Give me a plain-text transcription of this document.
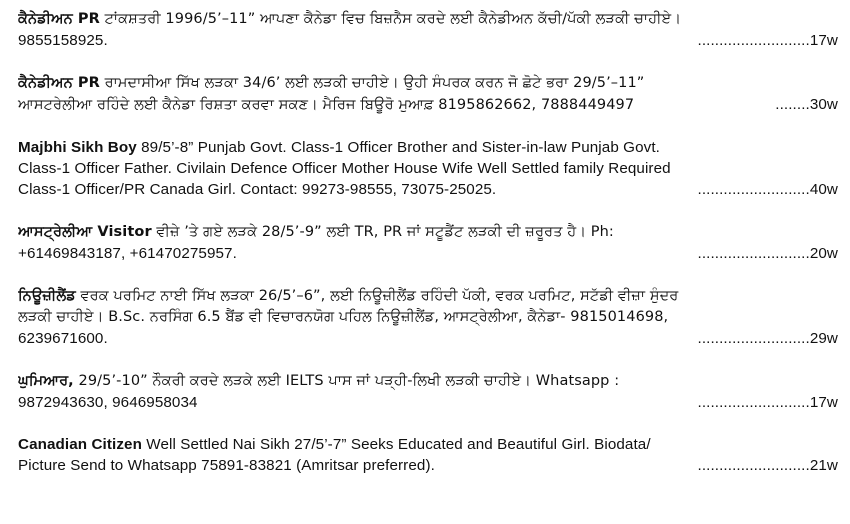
ਕੈਨੇਡੀਅਨ PR ਟਾਂਕਸ਼ਤਰੀ 1996/5’–11” ਆਪਣਾ ਕੈਨੇਡਾ ਵਿਚ ਬਿਜ਼ਨੈਸ ਕਰਦੇ ਲਈ ਕੈਨੇਡੀਅਨ ਕੱਚੀ/ਪੱਕੀ ਲੜਕੀ ਚਾਹੀਏ।
9855158925.	..........................17w
ਕੈਨੇਡੀਅਨ PR ਰਾਮਦਾਸੀਆ ਸਿੱਖ ਲੜਕਾ 34/6’ ਲਈ ਲੜਕੀ ਚਾਹੀਏ। ਉਹੀ ਸੰਪਰਕ ਕਰਨ ਜੋ ਛੋਟੇ ਭਰਾ 29/5’–11”
ਆਸਟਰੇਲੀਆ ਰਹਿੰਦੇ ਲਈ ਕੈਨੇਡਾ ਰਿਸ਼ਤਾ ਕਰਵਾ ਸਕਣ। ਮੈਰਿਜ ਬਿਊਰੋ ਮੁਆਫ਼ 8195862662, 7888449497	........30w
Majbhi Sikh Boy 89/5’-8” Punjab Govt. Class-1 Officer Brother and Sister-in-law Punjab Govt.
Class-1 Officer Father. Civilain Defence Officer Mother House Wife Well Settled family Required
Class-1 Officer/PR Canada Girl. Contact: 99273-98555, 73075-25025.	..........................40w
ਆਸਟ੍ਰੇਲੀਆ Visitor ਵੀਜ਼ੇ ’ਤੇ ਗਏ ਲੜਕੇ 28/5’-9” ਲਈ TR, PR ਜਾਂ ਸਟੂਡੈਂਟ ਲੜਕੀ ਦੀ ਜ਼ਰੂਰਤ ਹੈ। Ph:
+61469843187, +61470275957.	..........................20w
ਨਿਊਜ਼ੀਲੈਂਡ ਵਰਕ ਪਰਮਿਟ ਨਾਈ ਸਿੱਖ ਲੜਕਾ 26/5’–6”, ਲਈ ਨਿਊਜ਼ੀਲੈਂਡ ਰਹਿੰਦੀ ਪੱਕੀ, ਵਰਕ ਪਰਮਿਟ, ਸਟੱਡੀ ਵੀਜ਼ਾ ਸੁੰਦਰ
ਲੜਕੀ ਚਾਹੀਏ। B.Sc. ਨਰਸਿੰਗ 6.5 ਬੈਂਡ ਵੀ ਵਿਚਾਰਨਯੋਗ ਪਹਿਲ ਨਿਊਜ਼ੀਲੈਂਡ, ਆਸਟ੍ਰੇਲੀਆ, ਕੈਨੇਡਾ- 9815014698,
6239671600.	..........................29w
ਘੁਮਿਆਰ, 29/5’-10” ਨੌਕਰੀ ਕਰਦੇ ਲੜਕੇ ਲਈ IELTS ਪਾਸ ਜਾਂ ਪੜ੍ਹੀ-ਲਿਖੀ ਲੜਕੀ ਚਾਹੀਏ। Whatsapp :
9872943630, 9646958034	..........................17w
Canadian Citizen Well Settled Nai Sikh 27/5’-7” Seeks Educated and Beautiful Girl. Biodata/
Picture Send to Whatsapp 75891-83821 (Amritsar preferred).	..........................21w
